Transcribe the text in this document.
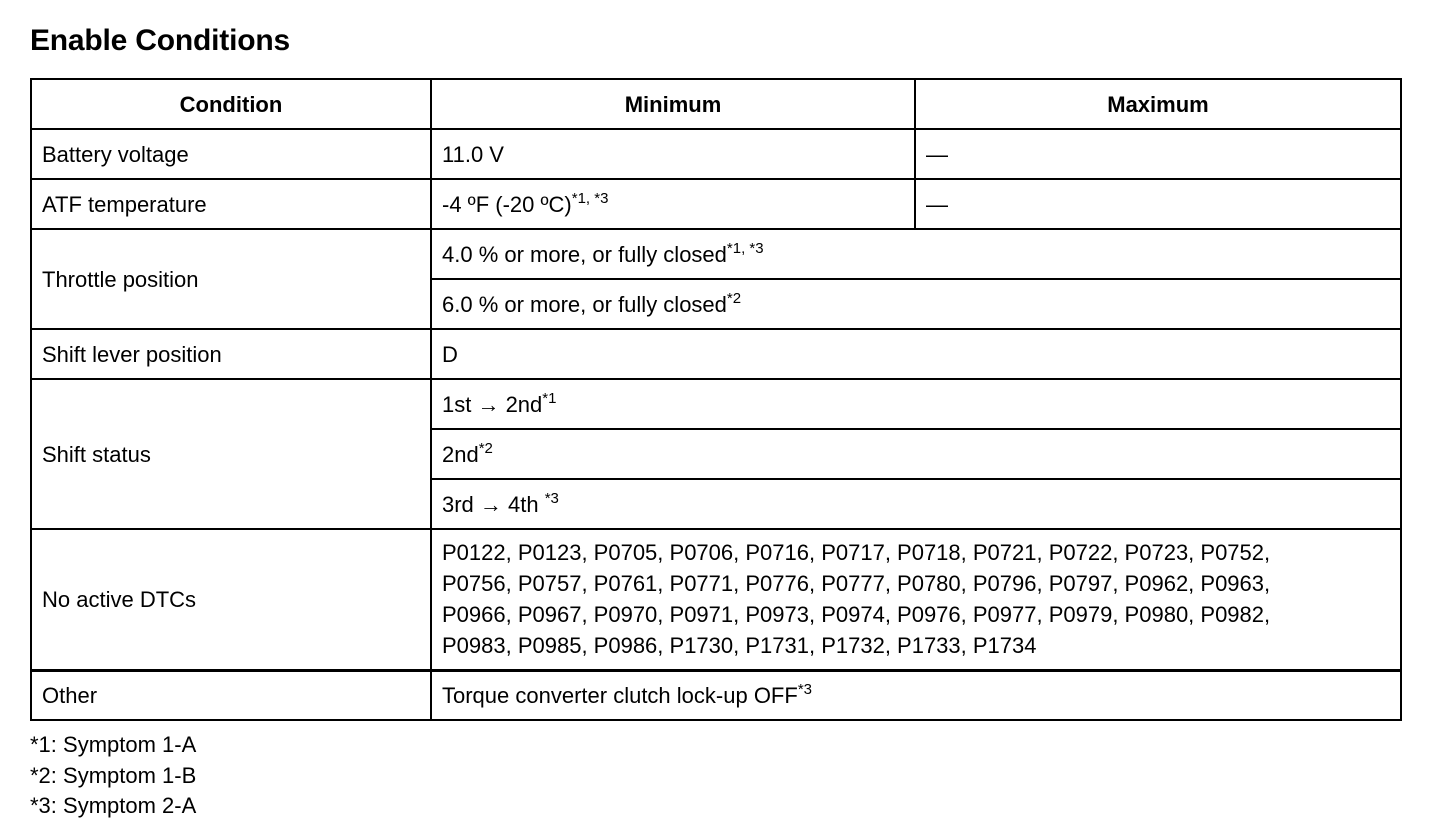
Enable Conditions
Condition	Minimum	Maximum
Battery voltage	11.0 V	—
ATF temperature	-4 ºF (-20 ºC)$^{*1, *3}$	—
Throttle position	4.0 % or more, or fully closed$^{*1, *3}$
	6.0 % or more, or fully closed$^{*2}$
Shift lever position	D	
Shift status	$1st \to 2nd^{*1}$
	$2nd^{*2}$
	3rd → 4th $^{*3}$
No active DTCs	P0122, P0123, P0705, P0706, P0716, P0717, P0718, P0721, P0722, P0723, P0752,
P0756, P0757, P0761, P0771, P0776, P0777, P0780, P0796, P0797, P0962, P0963,
P0966, P0967, P0970, P0971, P0973, P0974, P0976, P0977, P0979, P0980, P0982,
P0983, P0985, P0986, P1730, P1731, P1732, P1733, P1734	

Other	Torque converter clutch lock-up OFF$^{*3}$
*1: Symptom 1-A
*2: Symptom 1-B
*3: Symptom 2-A
